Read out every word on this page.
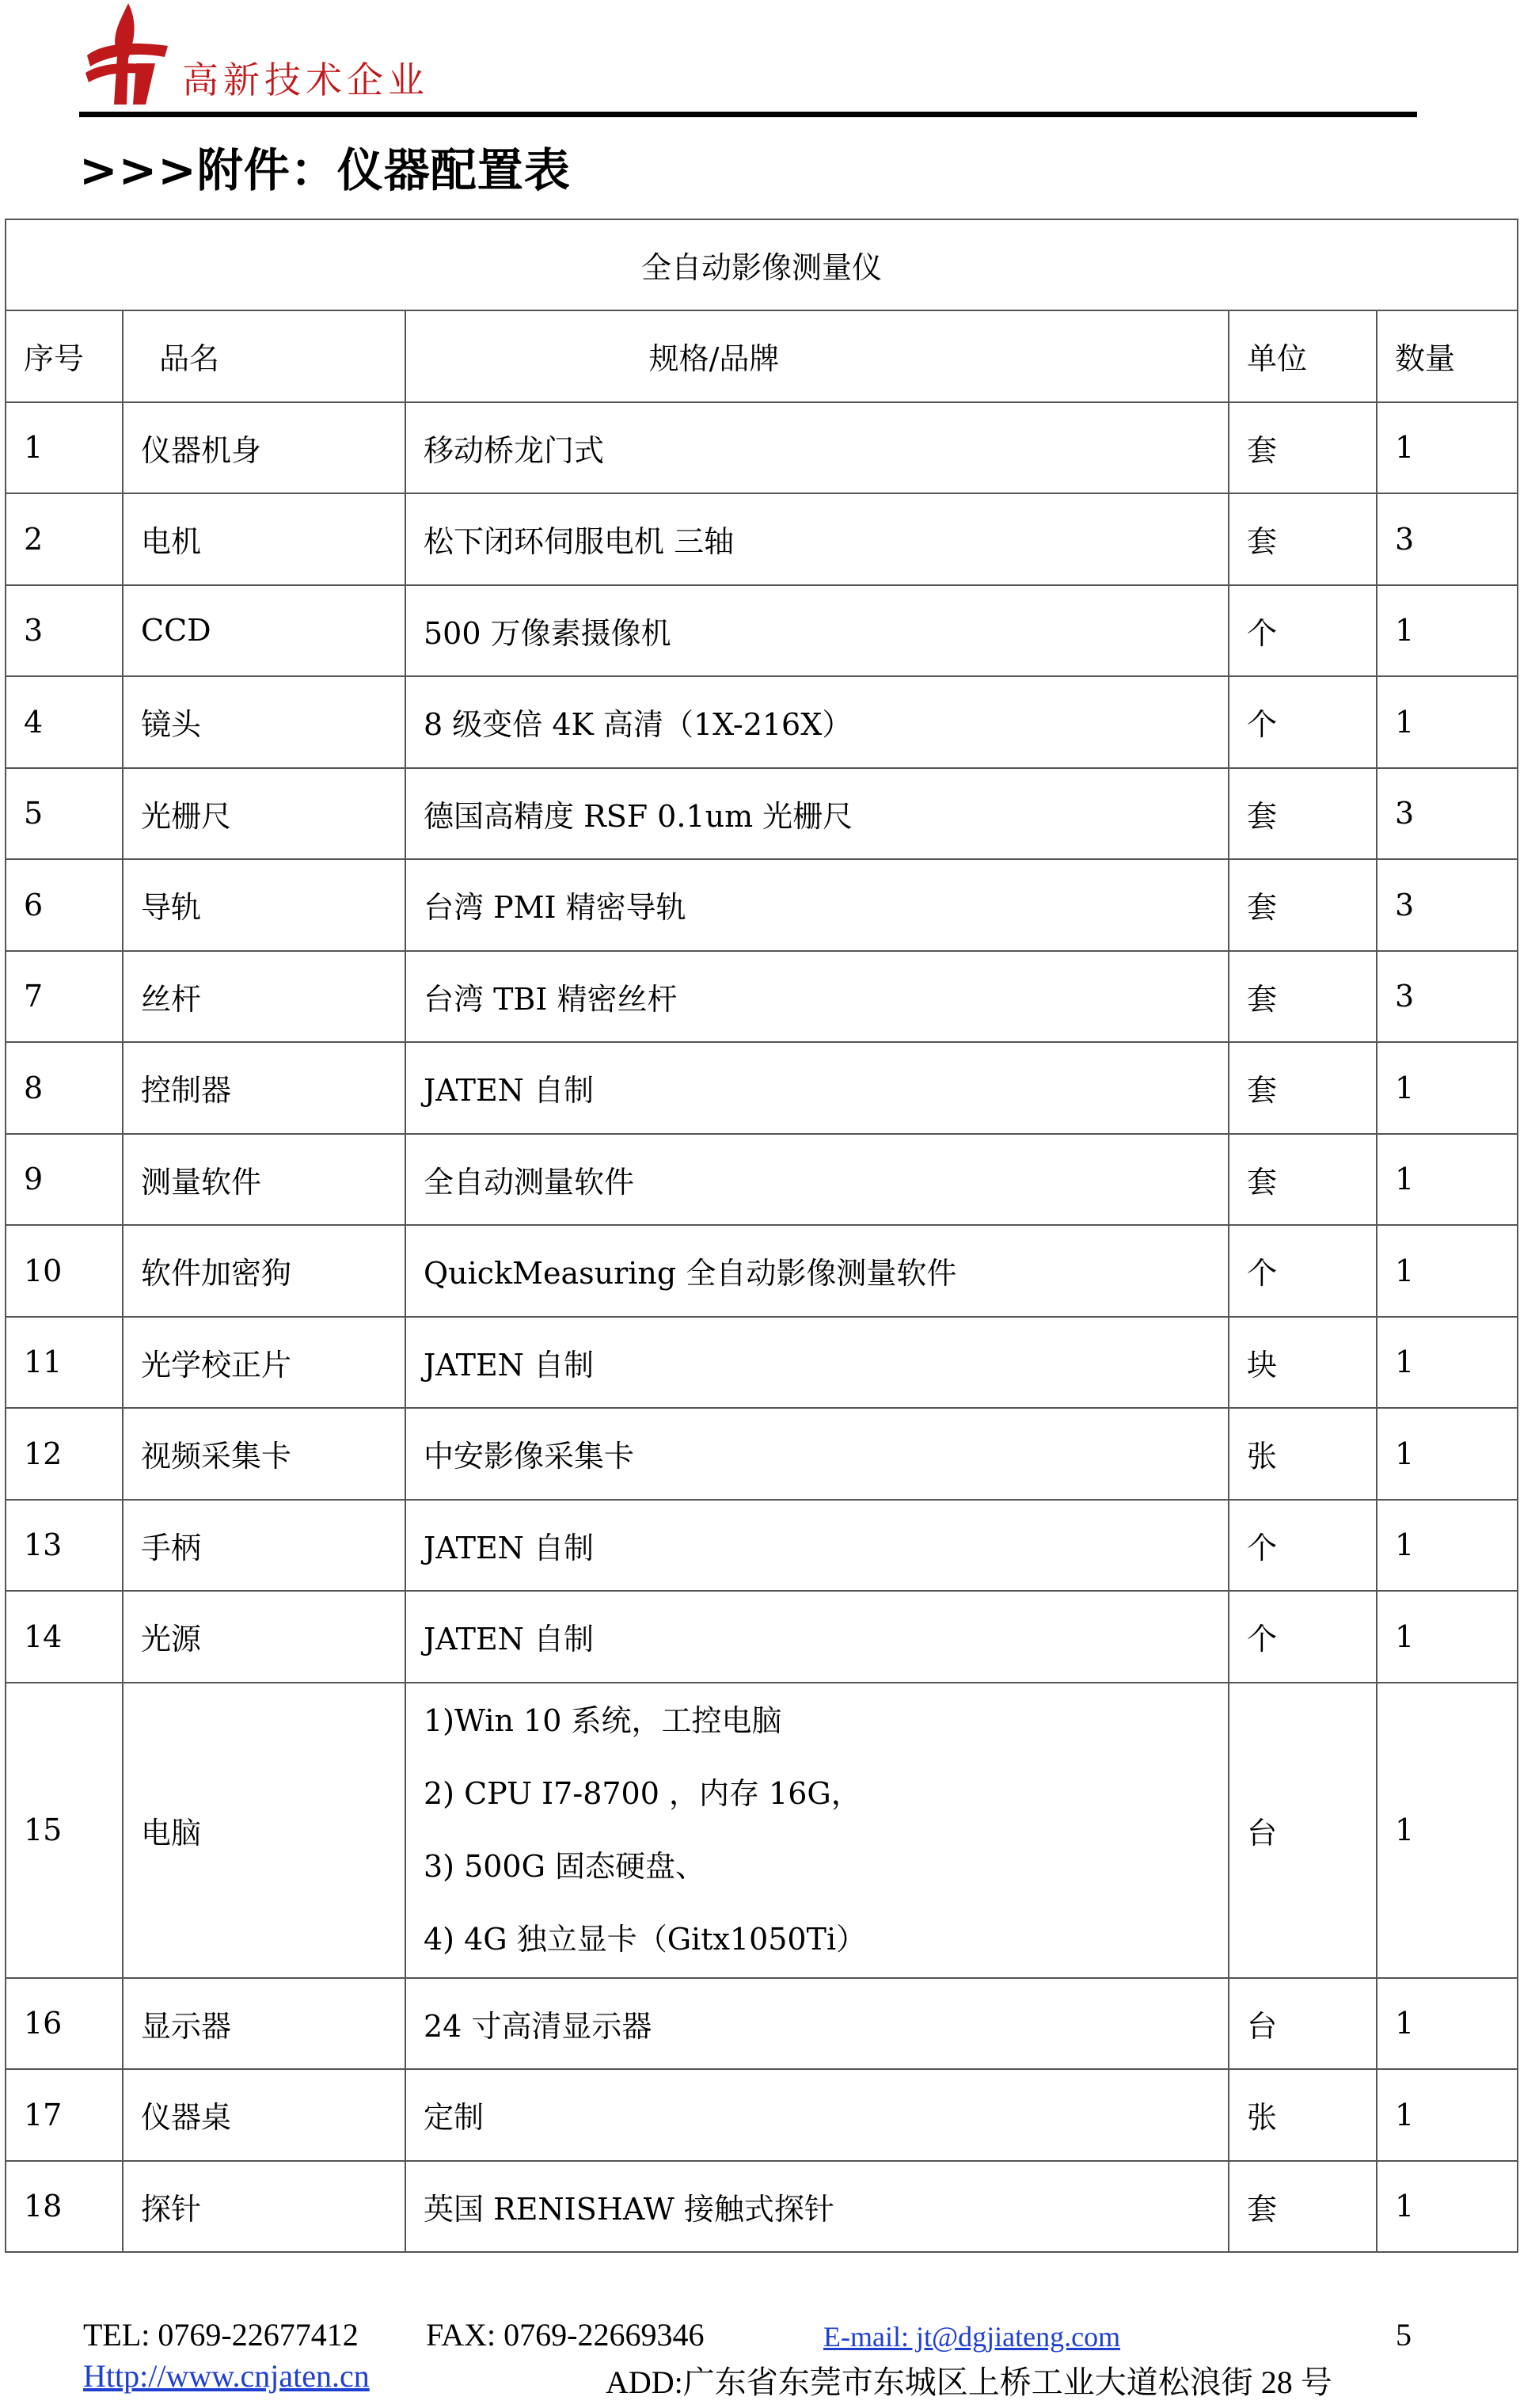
高新技术企业
>>>附件：仪器配置表
全自动影像测量仪				
序号	品名	规格/品牌	单位	数量
1	仪器机身	移动桥龙门式	套	1
2	电机	松下闭环伺服电机 三轴	套	3
3	CCD	500 万像素摄像机	个	1
4	镜头	8 级变倍 4K 高清（1X-216X）	个	1
5	光栅尺	德国高精度 RSF 0.1um 光栅尺	套	3
6	导轨	台湾 PMI 精密导轨	套	3
7	丝杆	台湾 TBI 精密丝杆	套	3
8	控制器	JATEN 自制	套	1
9	测量软件	全自动测量软件	套	1
10	软件加密狗	QuickMeasuring 全自动影像测量软件	个	1
11	光学校正片	JATEN 自制	块	1
12	视频采集卡	中安影像采集卡	张	1
13	手柄	JATEN 自制	个	1
14	光源	JATEN 自制	个	1
15	电脑	1)Win 10 系统，工控电脑
2) CPU I7-8700 ，内存 16G，
3) 500G 固态硬盘、
4) 4G 独立显卡（Gitx1050Ti）	台	1
16	显示器	24 寸高清显示器	台	1
17	仪器桌	定制	张	1
18	探针	英国 RENISHAW 接触式探针	套	1
TEL: 0769-22677412 FAX: 0769-22669346	E-mail: jt@dgjiateng.com	5
Http://www.cnjaten.cn	ADD:广东省东莞市东城区上桥工业大道松浪街 28 号
